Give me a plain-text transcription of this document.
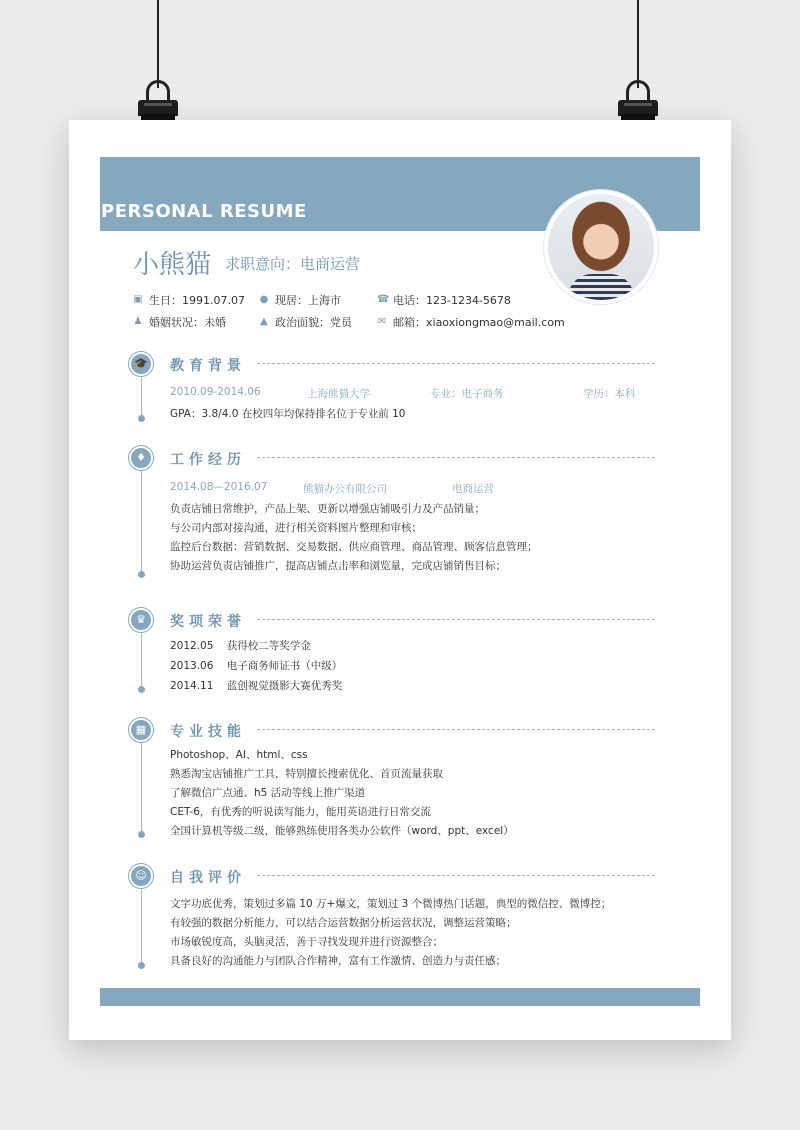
PERSONAL RESUME
小熊猫 求职意向：电商运营
▣ 生日：1991.07.07 ● 现居：上海市	☎ 电话：123-1234-5678
♟ 婚姻状况：未婚	▲ 政治面貌：党员	✉ 邮箱：xiaoxiongmao@mail.com
🎓	教育背景
2010.09-2014.06	上海熊猫大学	专业：电子商务	学历：本科
GPA：3.8/4.0 在校四年均保持排名位于专业前 10
♦	工作经历
2014.08—2016.07	熊猫办公有限公司	电商运营
负责店铺日常维护，产品上架、更新以增强店铺吸引力及产品销量；
与公司内部对接沟通，进行相关资料图片整理和审核；
监控后台数据：营销数据、交易数据、供应商管理、商品管理、顾客信息管理；
协助运营负责店铺推广，提高店铺点击率和浏览量，完成店铺销售目标；
♛	奖项荣誉
2012.05    获得校二等奖学金
2013.06    电子商务师证书（中级）
2014.11    蓝创视觉摄影大赛优秀奖
▦	专业技能
Photoshop、AI、html、css
熟悉淘宝店铺推广工具，特别擅长搜索优化、首页流量获取
了解微信广点通、h5 活动等线上推广渠道
CET-6，有优秀的听说读写能力，能用英语进行日常交流
全国计算机等级二级，能够熟练使用各类办公软件（word、ppt、excel）
☺	自我评价
文字功底优秀，策划过多篇 10 万+爆文，策划过 3 个微博热门话题，典型的微信控、微博控；
有较强的数据分析能力，可以结合运营数据分析运营状况，调整运营策略；
市场敏锐度高，头脑灵活，善于寻找发现并进行资源整合；
具备良好的沟通能力与团队合作精神，富有工作激情、创造力与责任感；
